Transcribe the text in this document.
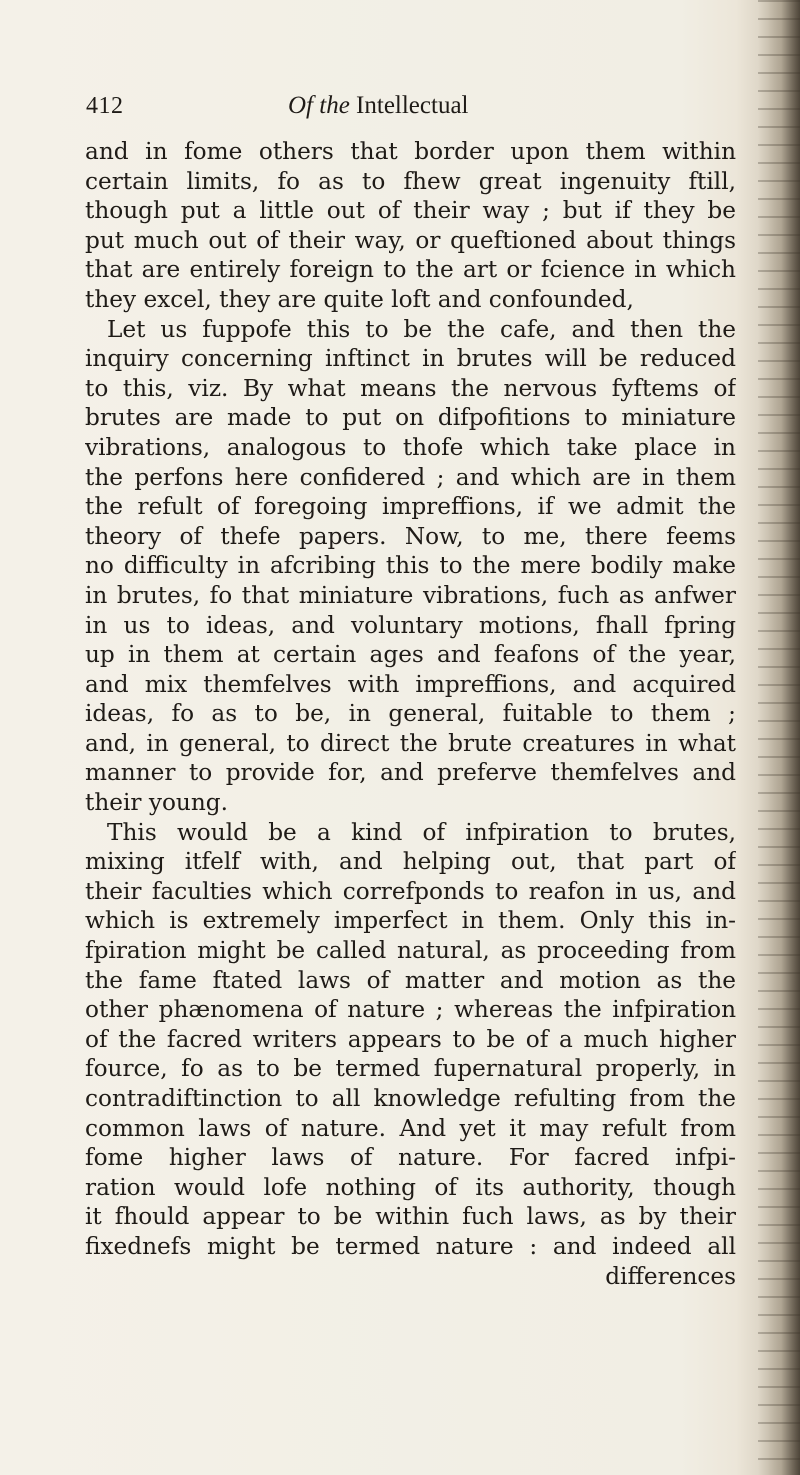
412	Of the Intellectual
and in fome others that border upon them within
certain limits, fo as to fhew great ingenuity ftill,
though put a little out of their way ; but if they be
put much out of their way, or queftioned about things
that are entirely foreign to the art or fcience in which
they excel, they are quite loft and confounded,
Let us fuppofe this to be the cafe, and then the
inquiry concerning inftinct in brutes will be reduced
to this, viz. By what means the nervous fyftems of
brutes are made to put on difpofitions to miniature
vibrations, analogous to thofe which take place in
the perfons here confidered ; and which are in them
the refult of foregoing impreffions, if we admit the
theory of thefe papers. Now, to me, there feems
no difficulty in afcribing this to the mere bodily make
in brutes, fo that miniature vibrations, fuch as anfwer
in us to ideas, and voluntary motions, fhall fpring
up in them at certain ages and feafons of the year,
and mix themfelves with impreffions, and acquired
ideas, fo as to be, in general, fuitable to them ;
and, in general, to direct the brute creatures in what
manner to provide for, and preferve themfelves and
their young.
This would be a kind of infpiration to brutes,
mixing itfelf with, and helping out, that part of
their faculties which correfponds to reafon in us, and
which is extremely imperfect in them. Only this in-
fpiration might be called natural, as proceeding from
the fame ftated laws of matter and motion as the
other phænomena of nature ; whereas the infpiration
of the facred writers appears to be of a much higher
fource, fo as to be termed fupernatural properly, in
contradiftinction to all knowledge refulting from the
common laws of nature. And yet it may refult from
fome higher laws of nature. For facred infpi-
ration would lofe nothing of its authority, though
it fhould appear to be within fuch laws, as by their
fixednefs might be termed nature : and indeed all
differences
